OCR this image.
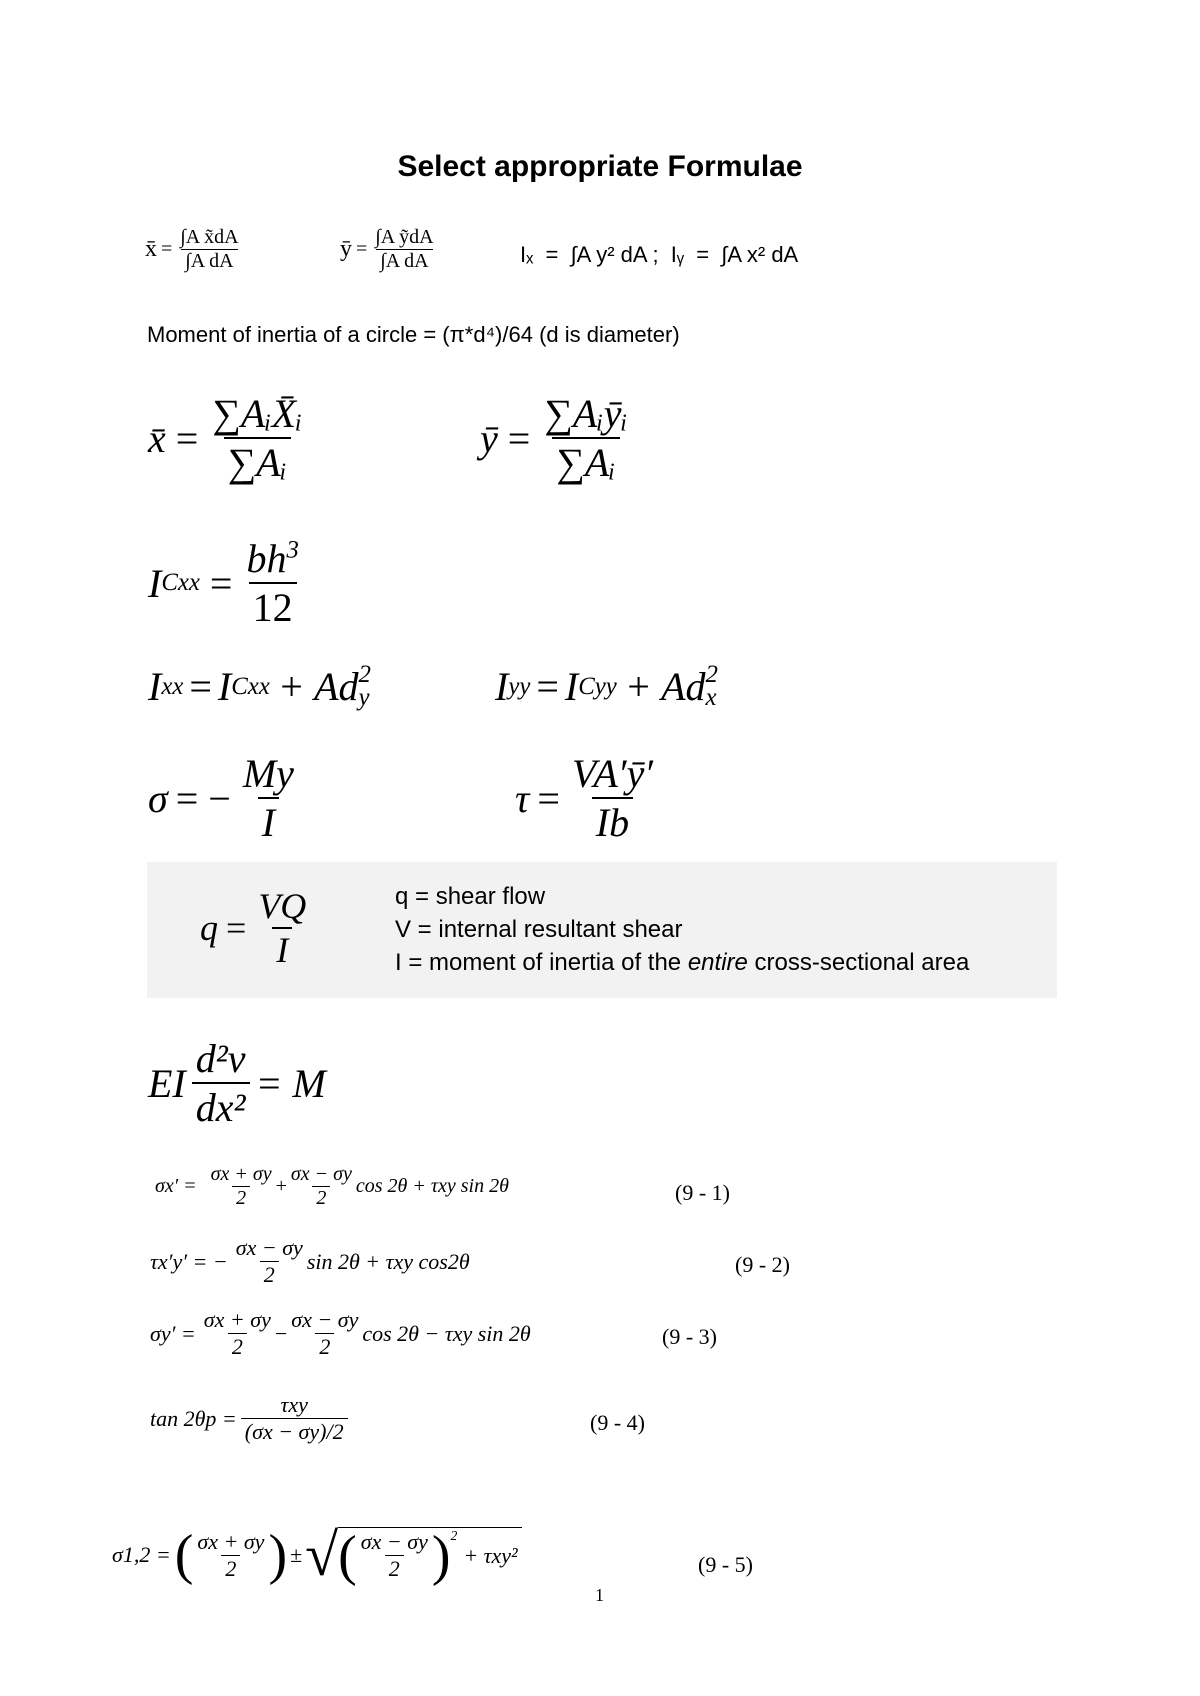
Select appropriate Formulae
x̄ = $\frac{\text{∫A x̃dA}}{\text{∫A dA}}$	ȳ = $\frac{\text{∫A ỹdA}}{\text{∫A dA}}$	Iₓ  =  ∫A y² dA ;  Iᵧ  =  ∫A x² dA
Moment of inertia of a circle = (π*d⁴)/64 (d is diameter)
x̄ = $\frac{\text{∑AᵢX̄ᵢ}}{\text{∑Aᵢ}}$	ȳ = $\frac{\text{∑Aᵢȳᵢ}}{\text{∑Aᵢ}}$
I Cxx = $\frac{bh^3}{12}$
I xx = I Cxx + Ad 2
y	I yy = I Cyy + Ad 2
x
σ = − $\frac{My}{I}$	$\tau = \frac{VA'ȳ'}{Ib}$
$q = \frac{VQ}{I}$	q = shear flow
V = internal resultant shear
I = moment of inertia of the entire cross-sectional area
EI $\frac{\text{d²v}}{\text{dx²}} = M$
$\sigma x' = \frac{\sigma x + \sigma y}{2} + \frac{\sigma x - \sigma y}{2}$ cos 2θ + τxy sin 2θ	(9 - 1)
τx′y′ = − $\frac{\sigma x - \sigma y}{2}$ sin 2θ + τxy cos2θ	(9 - 2)
$\sigma y' = \frac{\sigma x + \sigma y}{2} - \frac{\sigma x - \sigma y}{2}$ cos 2θ − τxy sin 2θ	(9 - 3)
$\tan 2\theta p = \frac{\text{τxy}}{(\sigma x - \sigma y)/2}$	(9 - 4)
σ1,2 = ( $\frac{\sigma x + \sigma y}{2}$ ) ± √ ( $\frac{\sigma x - \sigma y}{2} )^2$
+ τxy²	(9 - 5)
1
